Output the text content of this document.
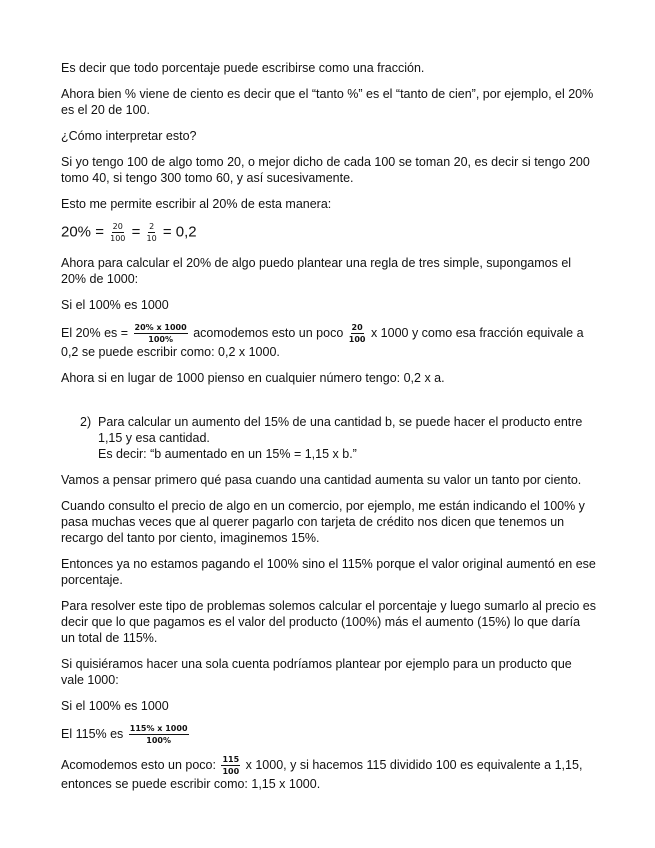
Es decir que todo porcentaje puede escribirse como una fracción.

Ahora bien % viene de ciento es decir que el “tanto %” es el “tanto de cien”, por ejemplo, el 20% es el 20 de 100.

¿Cómo interpretar esto?

Si yo tengo 100 de algo tomo 20, o mejor dicho de cada 100 se toman 20, es decir si tengo 200 tomo 40, si tengo 300 tomo 60, y así sucesivamente.

Esto me permite escribir al 20% de esta manera:

$20\% = \frac{20}{100} = \frac{2}{10} = 0,2$

Ahora para calcular el 20% de algo puedo plantear una regla de tres simple, supongamos el 20% de 1000:

Si el 100% es 1000

El 20% es = $\frac{20\% x 1000}{100\%}$ acomodemos esto un poco $\frac{20}{100}$ x 1000 y como esa fracción equivale a 0,2 se puede escribir como: 0,2 x 1000.

Ahora si en lugar de 1000 pienso en cualquier número tengo: 0,2 x a.

2) Para calcular un aumento del 15% de una cantidad b, se puede hacer el producto entre 1,15 y esa cantidad.
Es decir: “b aumentado en un 15% = 1,15 x b.”

Vamos a pensar primero qué pasa cuando una cantidad aumenta su valor un tanto por ciento.

Cuando consulto el precio de algo en un comercio, por ejemplo, me están indicando el 100% y pasa muchas veces que al querer pagarlo con tarjeta de crédito nos dicen que tenemos un recargo del tanto por ciento, imaginemos 15%.

Entonces ya no estamos pagando el 100% sino el 115% porque el valor original aumentó en ese porcentaje.

Para resolver este tipo de problemas solemos calcular el porcentaje y luego sumarlo al precio es decir que lo que pagamos es el valor del producto (100%) más el aumento (15%) lo que daría un total de 115%.

Si quisiéramos hacer una sola cuenta podríamos plantear por ejemplo para un producto que vale 1000:

Si el 100% es 1000

El 115% es $\frac{115\% x 1000}{100\%}$

Acomodemos esto un poco: $\frac{115}{100}$ x 1000, y si hacemos 115 dividido 100 es equivalente a 1,15, entonces se puede escribir como: 1,15 x 1000.
